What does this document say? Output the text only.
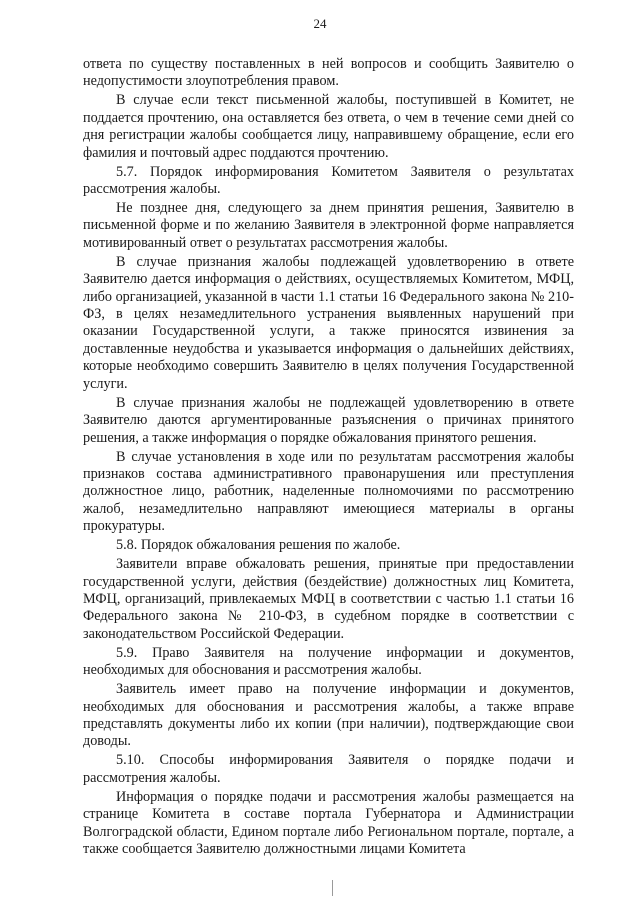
24

ответа по существу поставленных в ней вопросов и сообщить Заявителю о недопустимости злоупотребления правом.

В случае если текст письменной жалобы, поступившей в Комитет, не поддается прочтению, она оставляется без ответа, о чем в течение семи дней со дня регистрации жалобы сообщается лицу, направившему обращение, если его фамилия и почтовый адрес поддаются прочтению.

5.7. Порядок информирования Комитетом Заявителя о результатах рассмотрения жалобы.

Не позднее дня, следующего за днем принятия решения, Заявителю в письменной форме и по желанию Заявителя в электронной форме направляется мотивированный ответ о результатах рассмотрения жалобы.

В случае признания жалобы подлежащей удовлетворению в ответе Заявителю дается информация о действиях, осуществляемых Комитетом, МФЦ, либо организацией, указанной в части 1.1 статьи 16 Федерального закона № 210-ФЗ, в целях незамедлительного устранения выявленных нарушений при оказании Государственной услуги, а также приносятся извинения за доставленные неудобства и указывается информация о дальнейших действиях, которые необходимо совершить Заявителю в целях получения Государственной услуги.

В случае признания жалобы не подлежащей удовлетворению в ответе Заявителю даются аргументированные разъяснения о причинах принятого решения, а также информация о порядке обжалования принятого решения.

В случае установления в ходе или по результатам рассмотрения жалобы признаков состава административного правонарушения или преступления должностное лицо, работник, наделенные полномочиями по рассмотрению жалоб, незамедлительно направляют имеющиеся материалы в органы прокуратуры.

5.8. Порядок обжалования решения по жалобе.

Заявители вправе обжаловать решения, принятые при предоставлении государственной услуги, действия (бездействие) должностных лиц Комитета, МФЦ, организаций, привлекаемых МФЦ в соответствии с частью 1.1 статьи 16 Федерального закона № 210-ФЗ, в судебном порядке в соответствии с законодательством Российской Федерации.

5.9. Право Заявителя на получение информации и документов, необходимых для обоснования и рассмотрения жалобы.

Заявитель имеет право на получение информации и документов, необходимых для обоснования и рассмотрения жалобы, а также вправе представлять документы либо их копии (при наличии), подтверждающие свои доводы.

5.10. Способы информирования Заявителя о порядке подачи и рассмотрения жалобы.

Информация о порядке подачи и рассмотрения жалобы размещается на странице Комитета в составе портала Губернатора и Администрации Волгоградской области, Едином портале либо Региональном портале, портале, а также сообщается Заявителю должностными лицами Комитета
